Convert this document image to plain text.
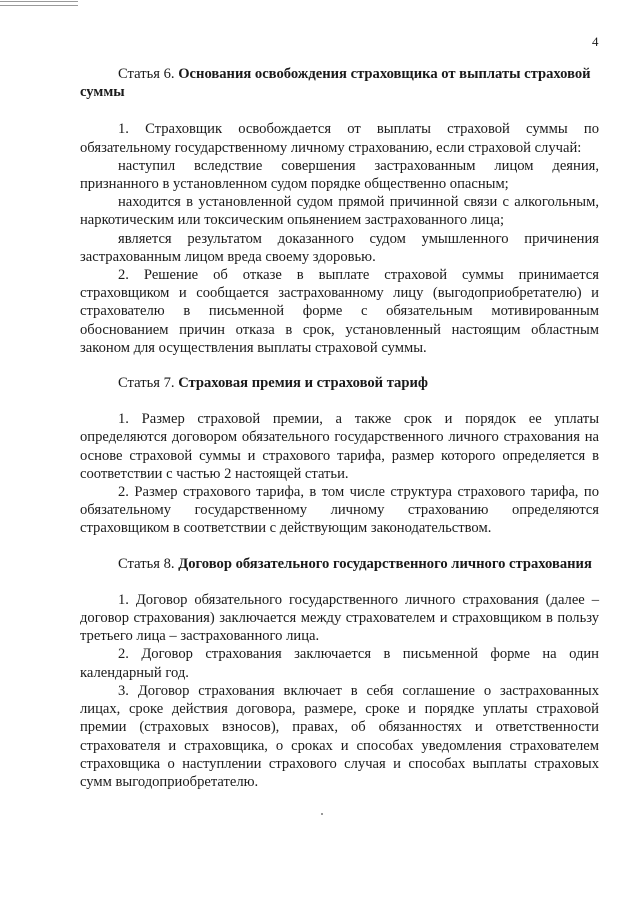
4
Статья 6. Основания освобождения страховщика от выплаты страховой суммы

1. Страховщик освобождается от выплаты страховой суммы по обязательному государственному личному страхованию, если страховой случай:

наступил вследствие совершения застрахованным лицом деяния, признанного в установленном судом порядке общественно опасным;

находится в установленной судом прямой причинной связи с алкогольным, наркотическим или токсическим опьянением застрахованного лица;

является результатом доказанного судом умышленного причинения застрахованным лицом вреда своему здоровью.

2. Решение об отказе в выплате страховой суммы принимается страховщиком и сообщается застрахованному лицу (выгодоприобретателю) и страхователю в письменной форме с обязательным мотивированным обоснованием причин отказа в срок, установленный настоящим областным законом для осуществления выплаты страховой суммы.

Статья 7. Страховая премия и страховой тариф

1. Размер страховой премии, а также срок и порядок ее уплаты определяются договором обязательного государственного личного страхования на основе страховой суммы и страхового тарифа, размер которого определяется в соответствии с частью 2 настоящей статьи.

2. Размер страхового тарифа, в том числе структура страхового тарифа, по обязательному государственному личному страхованию определяются страховщиком в соответствии с действующим законодательством.

Статья 8. Договор обязательного государственного личного страхования

1. Договор обязательного государственного личного страхования (далее – договор страхования) заключается между страхователем и страховщиком в пользу третьего лица – застрахованного лица.

2. Договор страхования заключается в письменной форме на один календарный год.

3. Договор страхования включает в себя соглашение о застрахованных лицах, сроке действия договора, размере, сроке и порядке уплаты страховой премии (страховых взносов), правах, об обязанностях и ответственности страхователя и страховщика, о сроках и способах уведомления страхователем страховщика о наступлении страхового случая и способах выплаты страховых сумм выгодоприобретателю.
